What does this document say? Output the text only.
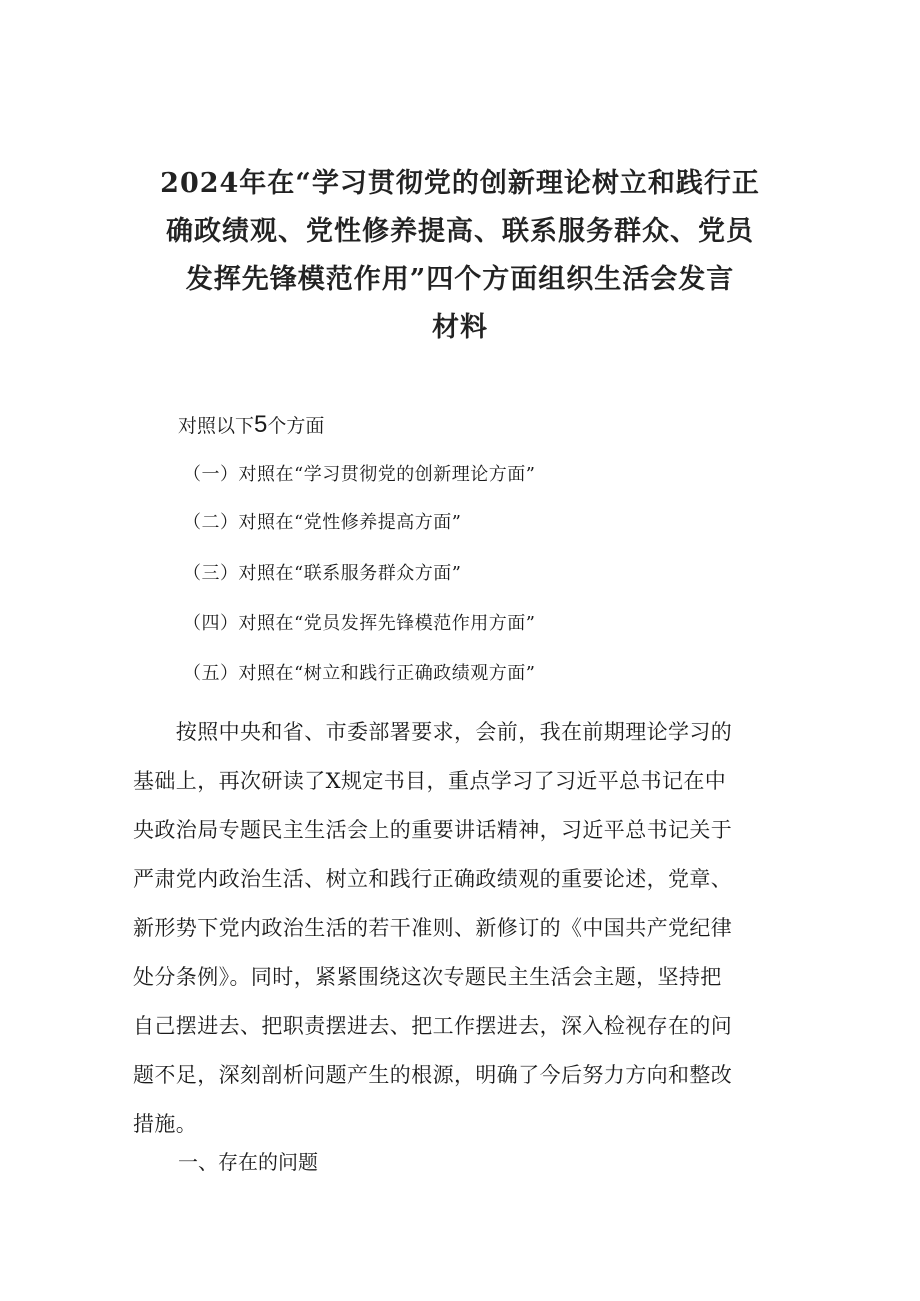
2024年在“学习贯彻党的创新理论树立和践行正
确政绩观、党性修养提高、联系服务群众、党员
发挥先锋模范作用”四个方面组织生活会发言
材料
对照以下5个方面
（一）对照在“学习贯彻党的创新理论方面”
（二）对照在“党性修养提高方面”
（三）对照在“联系服务群众方面”
（四）对照在“党员发挥先锋模范作用方面”
（五）对照在“树立和践行正确政绩观方面”
　　按照中央和省、市委部署要求，会前，我在前期理论学习的
基础上，再次研读了X规定书目，重点学习了习近平总书记在中
央政治局专题民主生活会上的重要讲话精神，习近平总书记关于
严肃党内政治生活、树立和践行正确政绩观的重要论述，党章、
新形势下党内政治生活的若干准则、新修订的《中国共产党纪律
处分条例》。同时，紧紧围绕这次专题民主生活会主题，坚持把
自己摆进去、把职责摆进去、把工作摆进去，深入检视存在的问
题不足，深刻剖析问题产生的根源，明确了今后努力方向和整改
措施。
一、存在的问题
